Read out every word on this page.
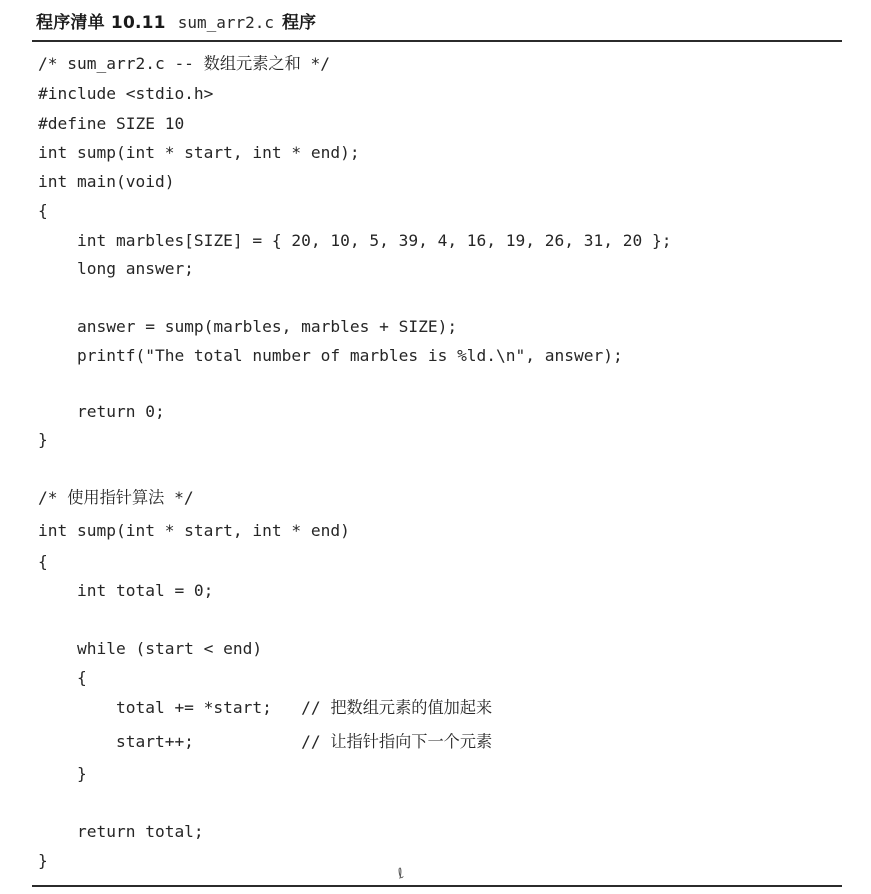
程序清单 10.11 sum_arr2.c 程序
/* sum_arr2.c -- 数组元素之和 */
#include <stdio.h>
#define SIZE 10
int sump(int * start, int * end);
int main(void)
{
int marbles[SIZE] = { 20, 10, 5, 39, 4, 16, 19, 26, 31, 20 };
long answer;
answer = sump(marbles, marbles + SIZE);
printf("The total number of marbles is %ld.\n", answer);
return 0;
}
/* 使用指针算法 */
int sump(int * start, int * end)
{
int total = 0;
while (start < end)
{
total += *start;   // 把数组元素的值加起来
start++;           // 让指针指向下一个元素
}
return total;
}
ℓ
